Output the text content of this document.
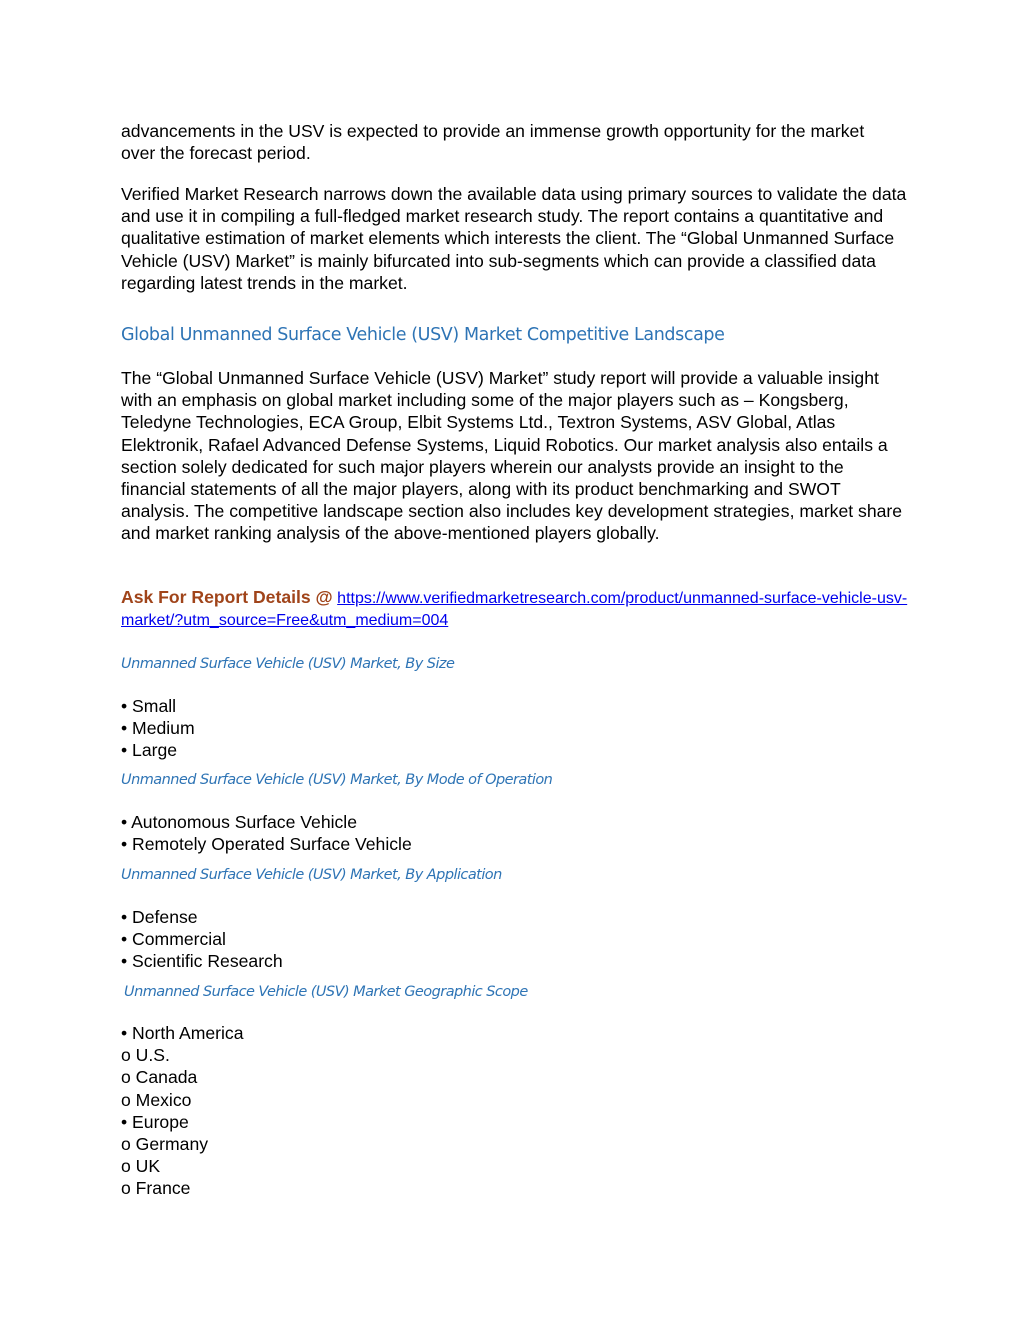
advancements in the USV is expected to provide an immense growth opportunity for the market over the forecast period.

Verified Market Research narrows down the available data using primary sources to validate the data and use it in compiling a full-fledged market research study. The report contains a quantitative and qualitative estimation of market elements which interests the client. The “Global Unmanned Surface Vehicle (USV) Market” is mainly bifurcated into sub-segments which can provide a classified data regarding latest trends in the market.

Global Unmanned Surface Vehicle (USV) Market Competitive Landscape

The “Global Unmanned Surface Vehicle (USV) Market” study report will provide a valuable insight with an emphasis on global market including some of the major players such as – Kongsberg, Teledyne Technologies, ECA Group, Elbit Systems Ltd., Textron Systems, ASV Global, Atlas Elektronik, Rafael Advanced Defense Systems, Liquid Robotics. Our market analysis also entails a section solely dedicated for such major players wherein our analysts provide an insight to the financial statements of all the major players, along with its product benchmarking and SWOT analysis. The competitive landscape section also includes key development strategies, market share and market ranking analysis of the above-mentioned players globally.

Ask For Report Details @ https://www.verifiedmarketresearch.com/product/unmanned-surface-vehicle-usv-market/?utm_source=Free&utm_medium=004
Unmanned Surface Vehicle (USV) Market, By Size
• Small
• Medium
• Large
Unmanned Surface Vehicle (USV) Market, By Mode of Operation
• Autonomous Surface Vehicle
• Remotely Operated Surface Vehicle
Unmanned Surface Vehicle (USV) Market, By Application
• Defense
• Commercial
• Scientific Research
Unmanned Surface Vehicle (USV) Market Geographic Scope
• North America
o U.S.
o Canada
o Mexico
• Europe
o Germany
o UK
o France
